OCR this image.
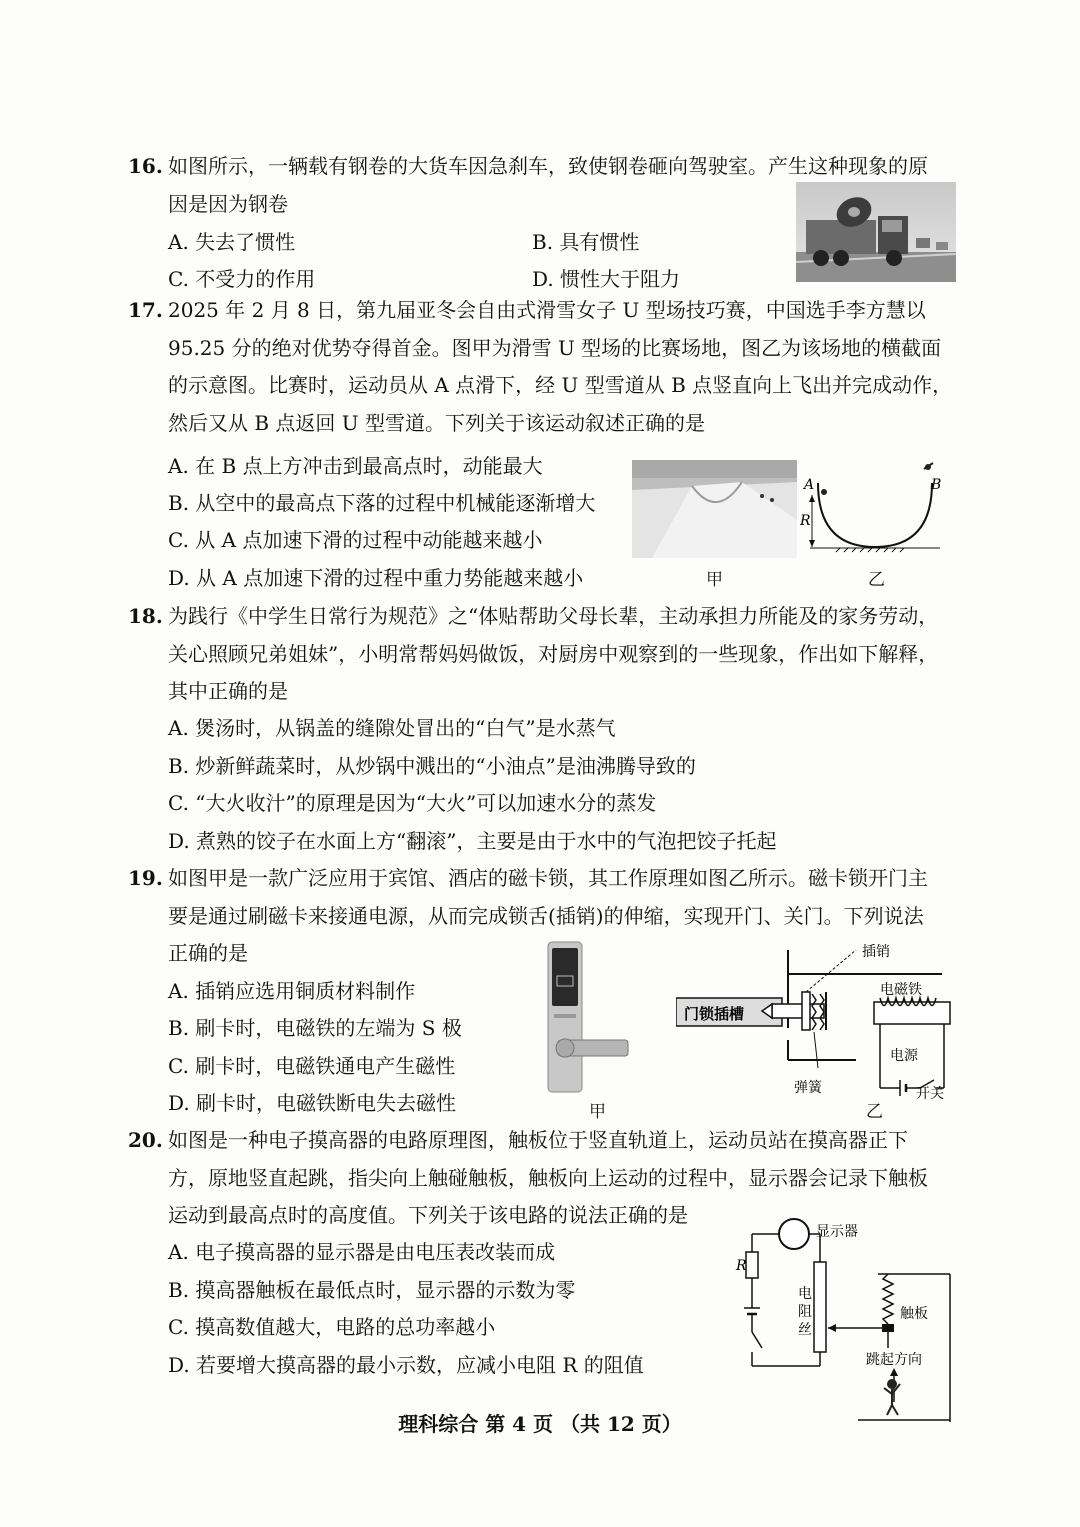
16. 如图所示，一辆载有钢卷的大货车因急刹车，致使钢卷砸向驾驶室。产生这种现象的原
因是因为钢卷
A. 失去了惯性	B. 具有惯性
C. 不受力的作用	D. 惯性大于阻力
17. 2025 年 2 月 8 日，第九届亚冬会自由式滑雪女子 U 型场技巧赛，中国选手李方慧以
95.25 分的绝对优势夺得首金。图甲为滑雪 U 型场的比赛场地，图乙为该场地的横截面
的示意图。比赛时，运动员从 A 点滑下，经 U 型雪道从 B 点竖直向上飞出并完成动作，
然后又从 B 点返回 U 型雪道。下列关于该运动叙述正确的是
A. 在 B 点上方冲击到最高点时，动能最大
B. 从空中的最高点下落的过程中机械能逐渐增大
C. 从 A 点加速下滑的过程中动能越来越小
D. 从 A 点加速下滑的过程中重力势能越来越小	甲
A	B
R
乙
18. 为践行《中学生日常行为规范》之“体贴帮助父母长辈，主动承担力所能及的家务劳动，
关心照顾兄弟姐妹”，小明常帮妈妈做饭，对厨房中观察到的一些现象，作出如下解释，
其中正确的是
A. 煲汤时，从锅盖的缝隙处冒出的“白气”是水蒸气
B. 炒新鲜蔬菜时，从炒锅中溅出的“小油点”是油沸腾导致的
C. “大火收汁”的原理是因为“大火”可以加速水分的蒸发
D. 煮熟的饺子在水面上方“翻滚”，主要是由于水中的气泡把饺子托起
19. 如图甲是一款广泛应用于宾馆、酒店的磁卡锁，其工作原理如图乙所示。磁卡锁开门主
要是通过刷磁卡来接通电源，从而完成锁舌(插销)的伸缩，实现开门、关门。下列说法
正确的是
A. 插销应选用铜质材料制作
B. 刷卡时，电磁铁的左端为 S 极
C. 刷卡时，电磁铁通电产生磁性
D. 刷卡时，电磁铁断电失去磁性	甲
门锁插槽
插销
弹簧
电磁铁
电源
开关
乙
20. 如图是一种电子摸高器的电路原理图，触板位于竖直轨道上，运动员站在摸高器正下
方，原地竖直起跳，指尖向上触碰触板，触板向上运动的过程中，显示器会记录下触板
运动到最高点时的高度值。下列关于该电路的说法正确的是
A. 电子摸高器的显示器是由电压表改装而成
B. 摸高器触板在最低点时，显示器的示数为零
C. 摸高数值越大，电路的总功率越小
D. 若要增大摸高器的最小示数，应减小电阻 R 的阻值
显示器
R
电
阻
丝
触板
跳起方向
理科综合 第 4 页 （共 12 页）
